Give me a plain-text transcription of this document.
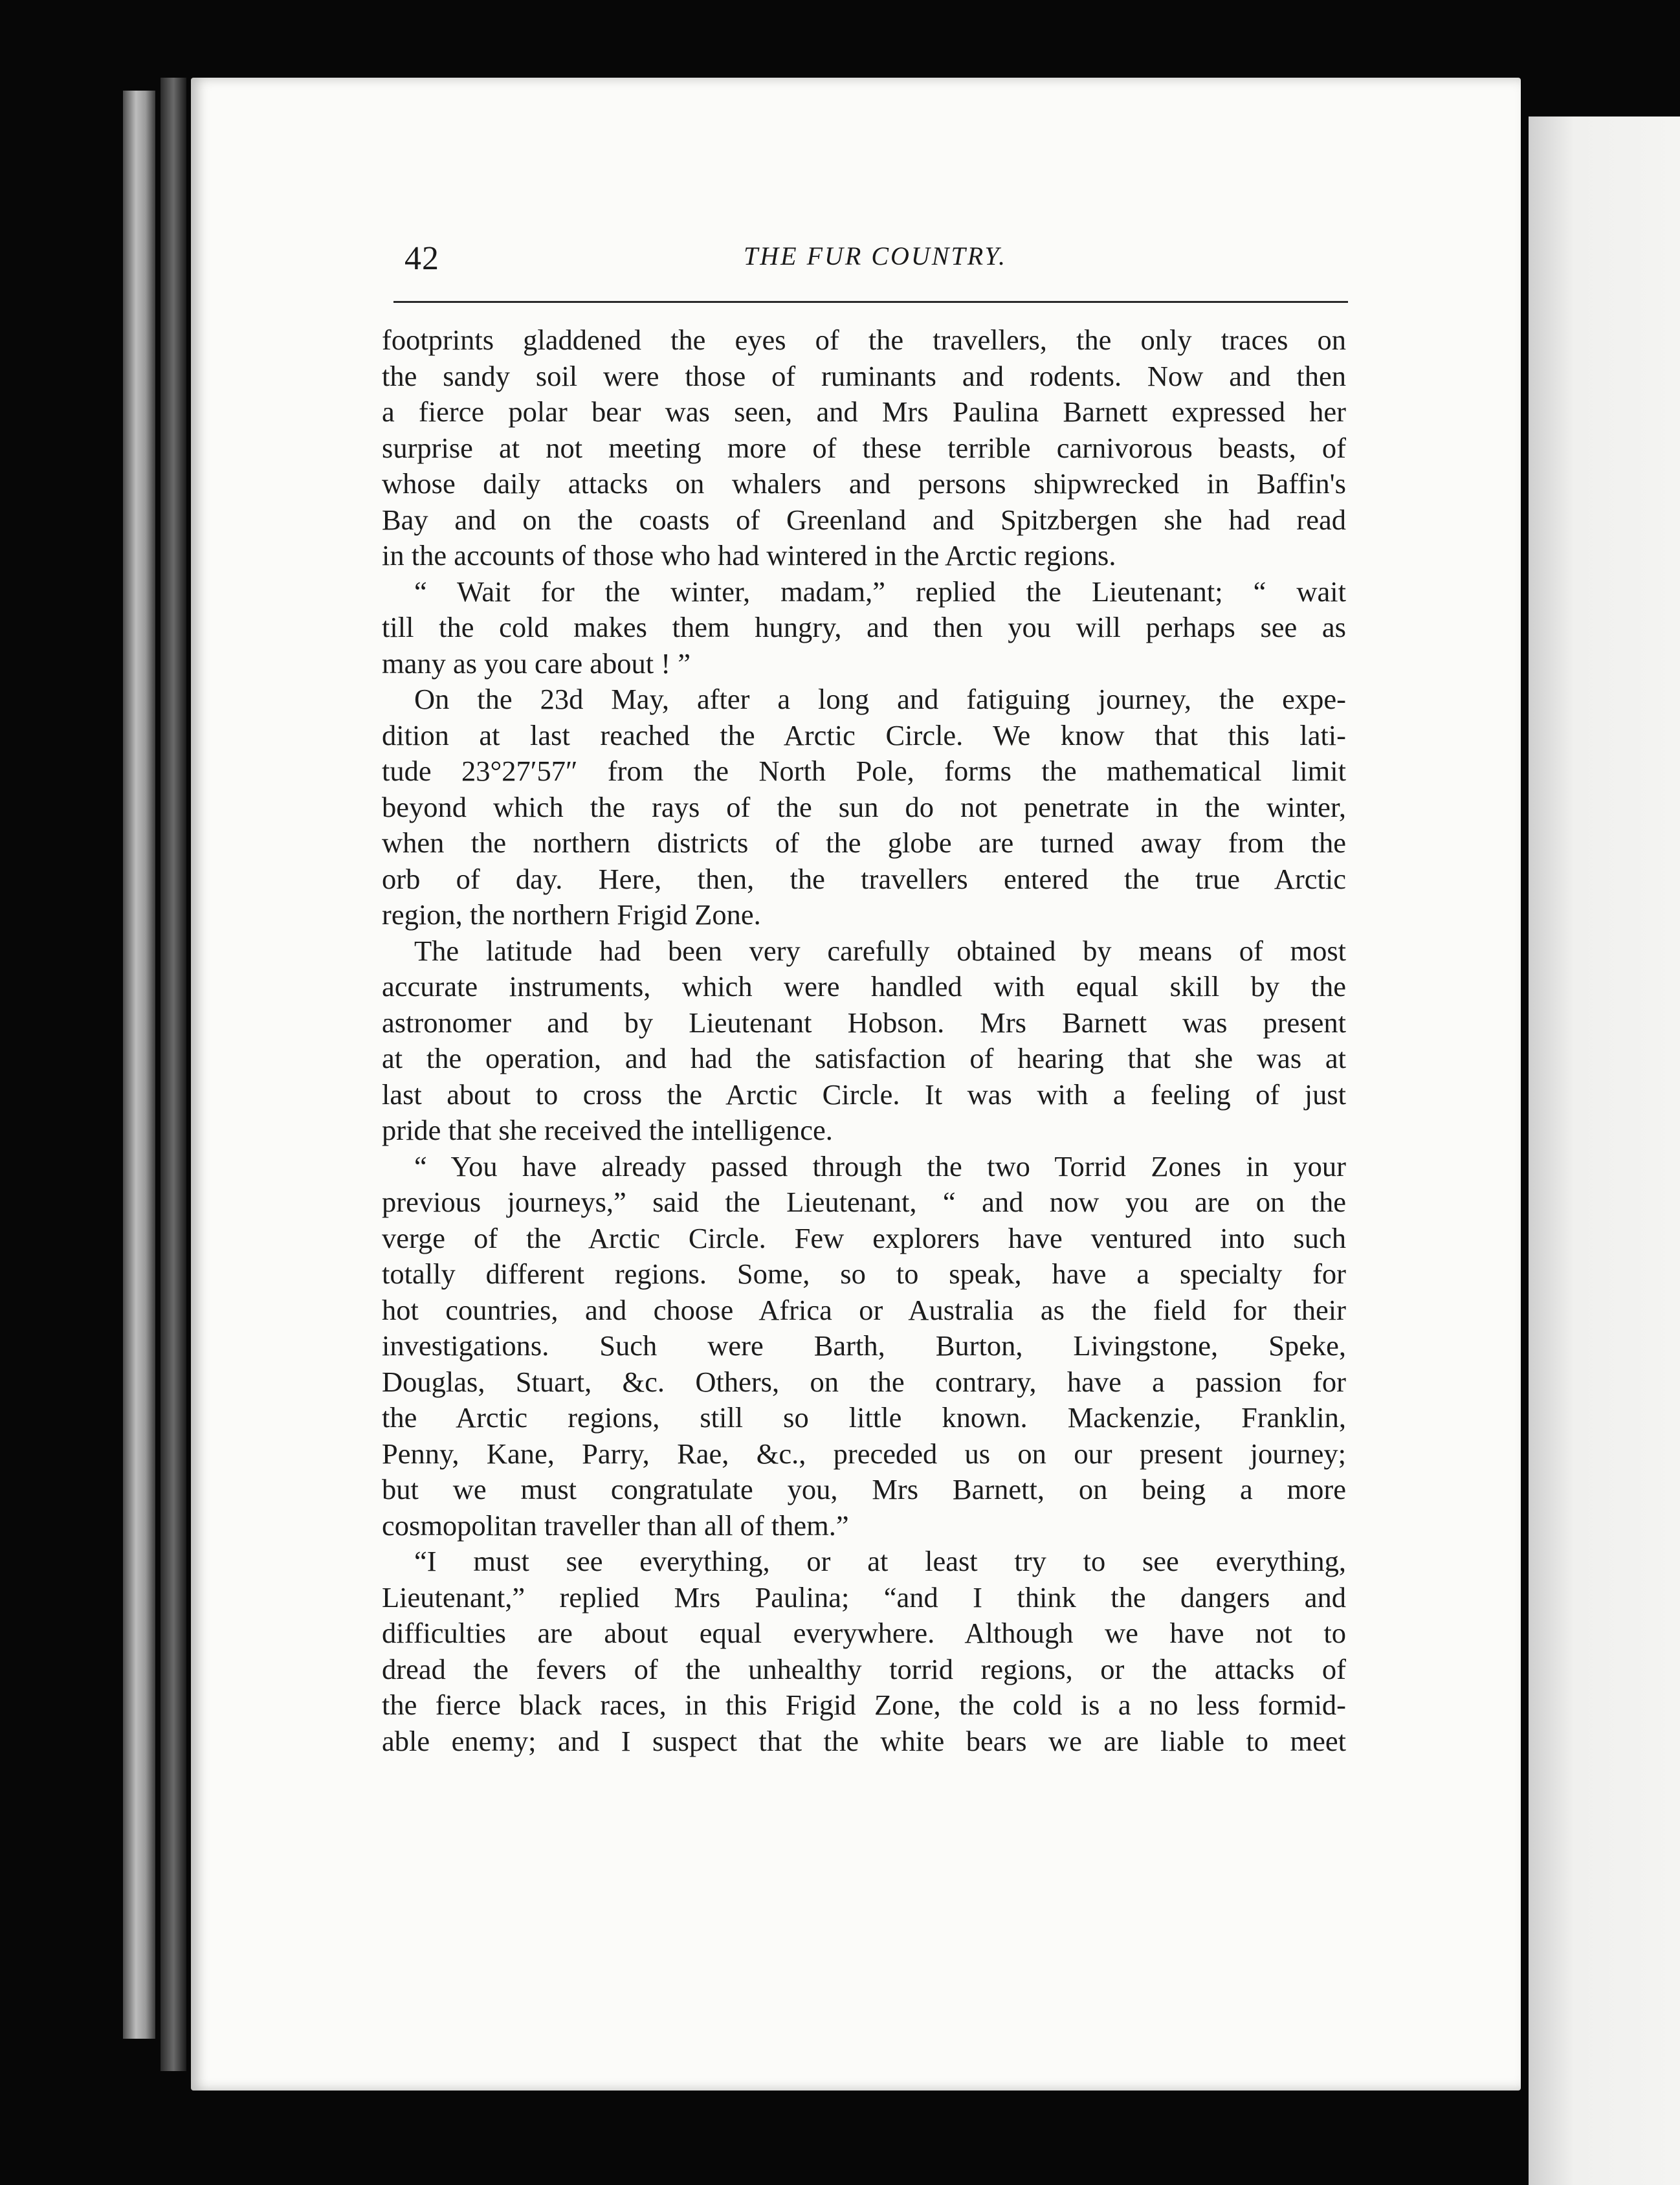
42	THE FUR COUNTRY.
footprints gladdened the eyes of the travellers, the only traces on
the sandy soil were those of ruminants and rodents. Now and then
a fierce polar bear was seen, and Mrs Paulina Barnett expressed her
surprise at not meeting more of these terrible carnivorous beasts, of
whose daily attacks on whalers and persons shipwrecked in Baffin's
Bay and on the coasts of Greenland and Spitzbergen she had read
in the accounts of those who had wintered in the Arctic regions.
“ Wait for the winter, madam,” replied the Lieutenant; “ wait
till the cold makes them hungry, and then you will perhaps see as
many as you care about ! ”
On the 23d May, after a long and fatiguing journey, the expe-
dition at last reached the Arctic Circle. We know that this lati-
tude 23°27′57″ from the North Pole, forms the mathematical limit
beyond which the rays of the sun do not penetrate in the winter,
when the northern districts of the globe are turned away from the
orb of day. Here, then, the travellers entered the true Arctic
region, the northern Frigid Zone.
The latitude had been very carefully obtained by means of most
accurate instruments, which were handled with equal skill by the
astronomer and by Lieutenant Hobson. Mrs Barnett was present
at the operation, and had the satisfaction of hearing that she was at
last about to cross the Arctic Circle. It was with a feeling of just
pride that she received the intelligence.
“ You have already passed through the two Torrid Zones in your
previous journeys,” said the Lieutenant, “ and now you are on the
verge of the Arctic Circle. Few explorers have ventured into such
totally different regions. Some, so to speak, have a specialty for
hot countries, and choose Africa or Australia as the field for their
investigations. Such were Barth, Burton, Livingstone, Speke,
Douglas, Stuart, &c. Others, on the contrary, have a passion for
the Arctic regions, still so little known. Mackenzie, Franklin,
Penny, Kane, Parry, Rae, &c., preceded us on our present journey;
but we must congratulate you, Mrs Barnett, on being a more
cosmopolitan traveller than all of them.”
“I must see everything, or at least try to see everything,
Lieutenant,” replied Mrs Paulina; “and I think the dangers and
difficulties are about equal everywhere. Although we have not to
dread the fevers of the unhealthy torrid regions, or the attacks of
the fierce black races, in this Frigid Zone, the cold is a no less formid-
able enemy; and I suspect that the white bears we are liable to meet
